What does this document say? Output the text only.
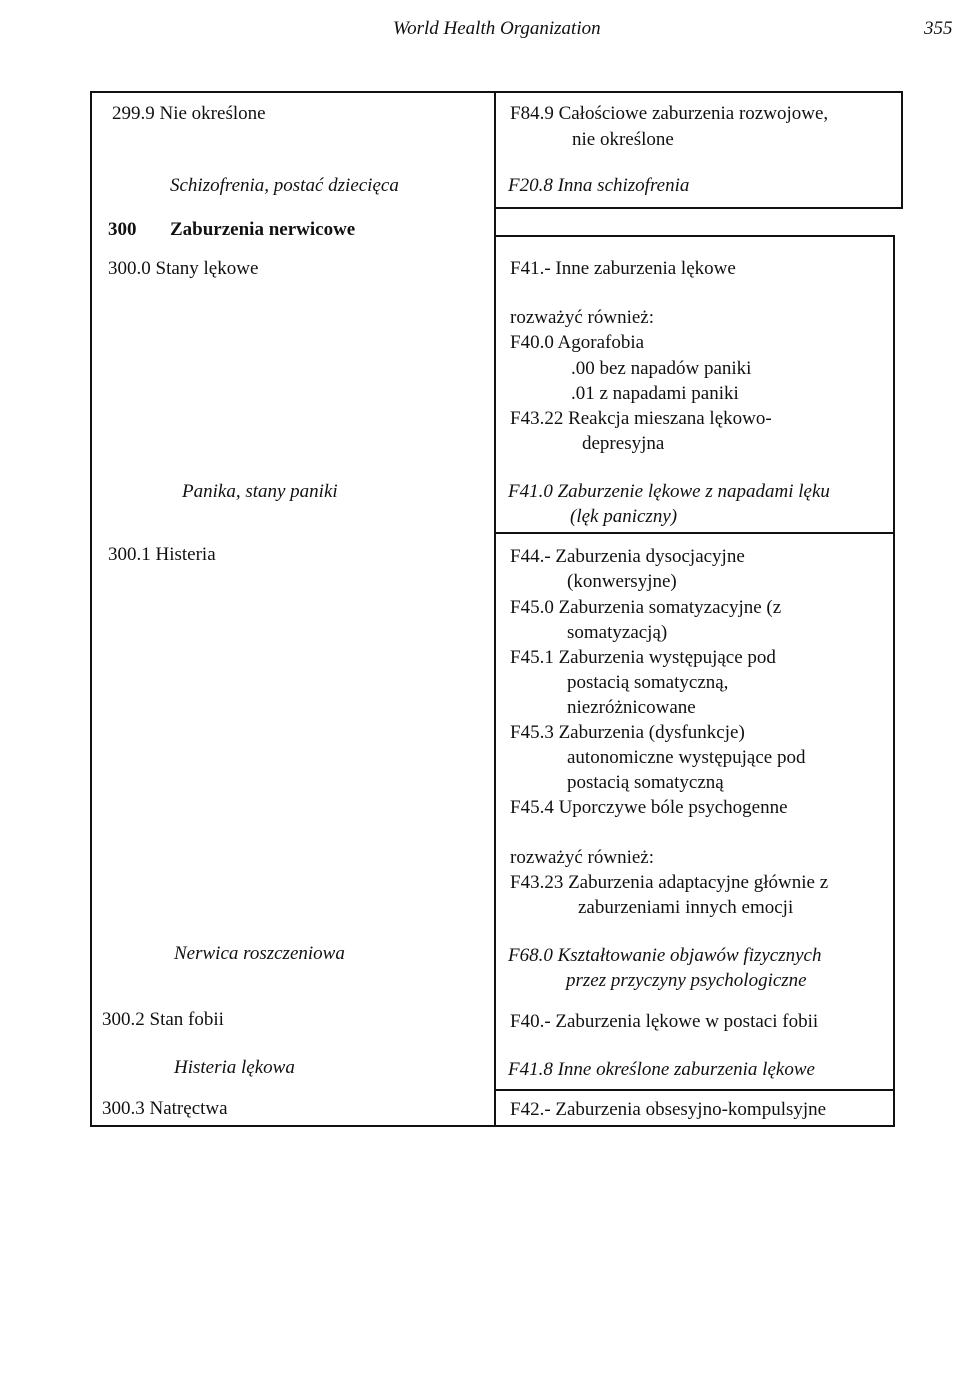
World Health Organization	355
299.9 Nie określone
Schizofrenia, postać dziecięca
300 Zaburzenia nerwicowe
300.0 Stany lękowe
Panika, stany paniki
300.1 Histeria
Nerwica roszczeniowa
300.2 Stan fobii
Histeria lękowa
300.3 Natręctwa
F84.9 Całościowe zaburzenia rozwojowe,
nie określone
F20.8 Inna schizofrenia
F41.- Inne zaburzenia lękowe
rozważyć również:
F40.0 Agorafobia
.00 bez napadów paniki
.01 z napadami paniki
F43.22 Reakcja mieszana lękowo-
depresyjna
F41.0 Zaburzenie lękowe z napadami lęku
(lęk paniczny)
F44.- Zaburzenia dysocjacyjne
(konwersyjne)
F45.0 Zaburzenia somatyzacyjne (z
somatyzacją)
F45.1 Zaburzenia występujące pod
postacią somatyczną,
niezróżnicowane
F45.3 Zaburzenia (dysfunkcje)
autonomiczne występujące pod
postacią somatyczną
F45.4 Uporczywe bóle psychogenne
rozważyć również:
F43.23 Zaburzenia adaptacyjne głównie z
zaburzeniami innych emocji
F68.0 Kształtowanie objawów fizycznych
przez przyczyny psychologiczne
F40.- Zaburzenia lękowe w postaci fobii
F41.8 Inne określone zaburzenia lękowe
F42.- Zaburzenia obsesyjno-kompulsyjne
